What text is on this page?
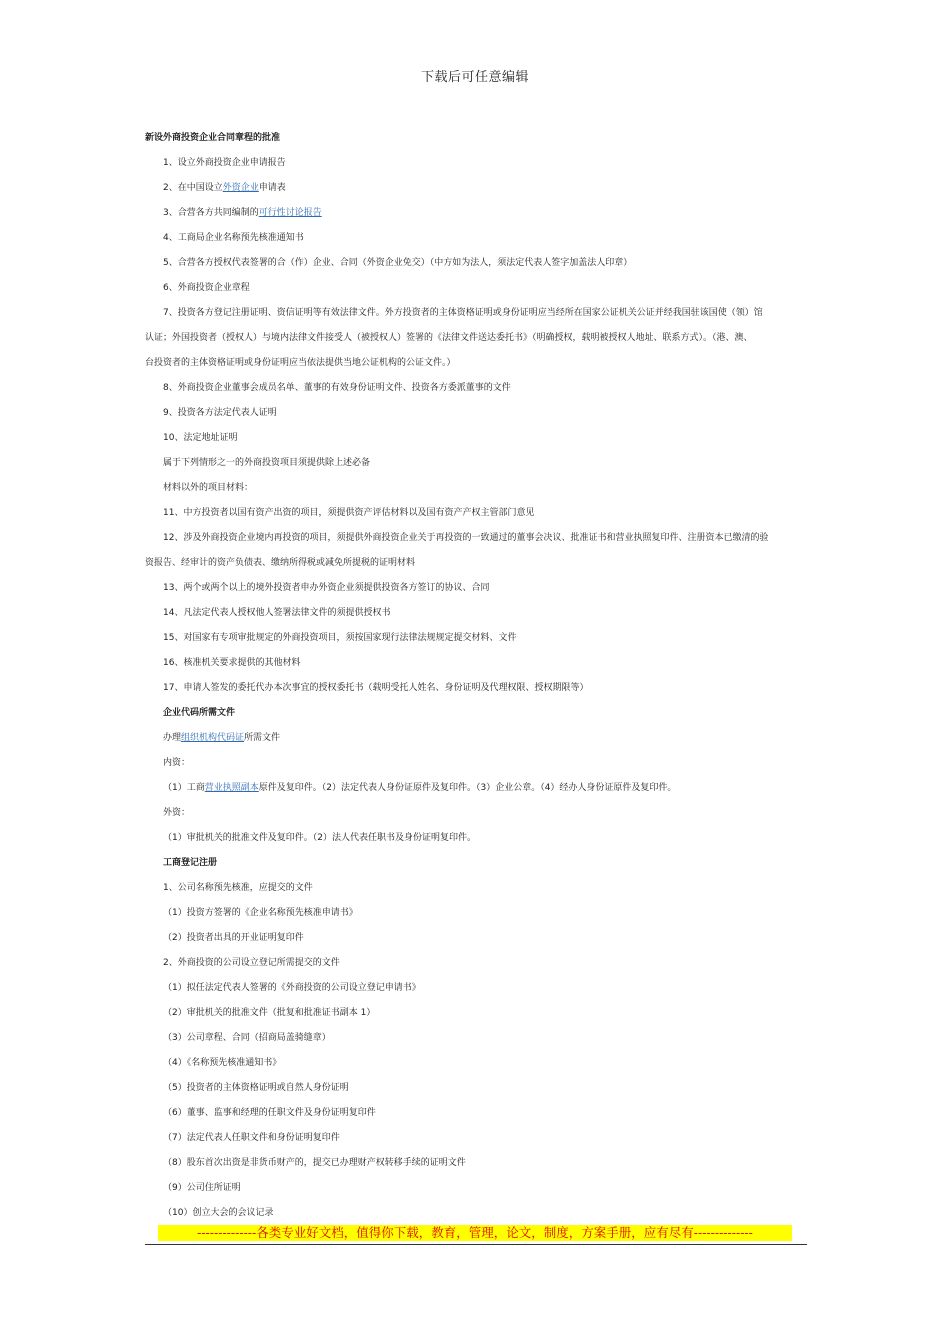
下载后可任意编辑
新设外商投资企业合同章程的批准
1、设立外商投资企业申请报告
2、在中国设立外资企业申请表
3、合营各方共同编制的可行性讨论报告
4、工商局企业名称预先核准通知书
5、合营各方授权代表签署的合（作）企业、合同（外资企业免交）（中方如为法人，须法定代表人签字加盖法人印章）
6、外商投资企业章程
7、投资各方登记注册证明、资信证明等有效法律文件。外方投资者的主体资格证明或身份证明应当经所在国家公证机关公证并经我国驻该国使（领）馆
认证；外国投资者（授权人）与境内法律文件接受人（被授权人）签署的《法律文件送达委托书》（明确授权，载明被授权人地址、联系方式）。（港、澳、
台投资者的主体资格证明或身份证明应当依法提供当地公证机构的公证文件。）
8、外商投资企业董事会成员名单、董事的有效身份证明文件、投资各方委派董事的文件
9、投资各方法定代表人证明
10、法定地址证明
属于下列情形之一的外商投资项目须提供除上述必备
材料以外的项目材料：
11、中方投资者以国有资产出资的项目，须提供资产评估材料以及国有资产产权主管部门意见
12、涉及外商投资企业境内再投资的项目，须提供外商投资企业关于再投资的一致通过的董事会决议、批准证书和营业执照复印件、注册资本已缴清的验
资报告、经审计的资产负债表、缴纳所得税或减免所提税的证明材料
13、两个或两个以上的境外投资者申办外资企业须提供投资各方签订的协议、合同
14、凡法定代表人授权他人签署法律文件的须提供授权书
15、对国家有专项审批规定的外商投资项目，须按国家现行法律法规规定提交材料、文件
16、核准机关要求提供的其他材料
17、申请人签发的委托代办本次事宜的授权委托书（载明受托人姓名、身份证明及代理权限、授权期限等）
企业代码所需文件
办理组织机构代码证所需文件
内资：
（1）工商营业执照副本原件及复印件。（2）法定代表人身份证原件及复印件。（3）企业公章。（4）经办人身份证原件及复印件。
外资：
（1）审批机关的批准文件及复印件。（2）法人代表任职书及身份证明复印件。
工商登记注册
1、公司名称预先核准，应提交的文件
（1）投资方签署的《企业名称预先核准申请书》
（2）投资者出具的开业证明复印件
2、外商投资的公司设立登记所需提交的文件
（1）拟任法定代表人签署的《外商投资的公司设立登记申请书》
（2）审批机关的批准文件（批复和批准证书副本 1）
（3）公司章程、合同（招商局盖骑缝章）
（4）《名称预先核准通知书》
（5）投资者的主体资格证明或自然人身份证明
（6）董事、监事和经理的任职文件及身份证明复印件
（7）法定代表人任职文件和身份证明复印件
（8）股东首次出资是非货币财产的，提交已办理财产权转移手续的证明文件
（9）公司住所证明
（10）创立大会的会议记录
--------------各类专业好文档，值得你下载，教育，管理，论文，制度，方案手册，应有尽有--------------
